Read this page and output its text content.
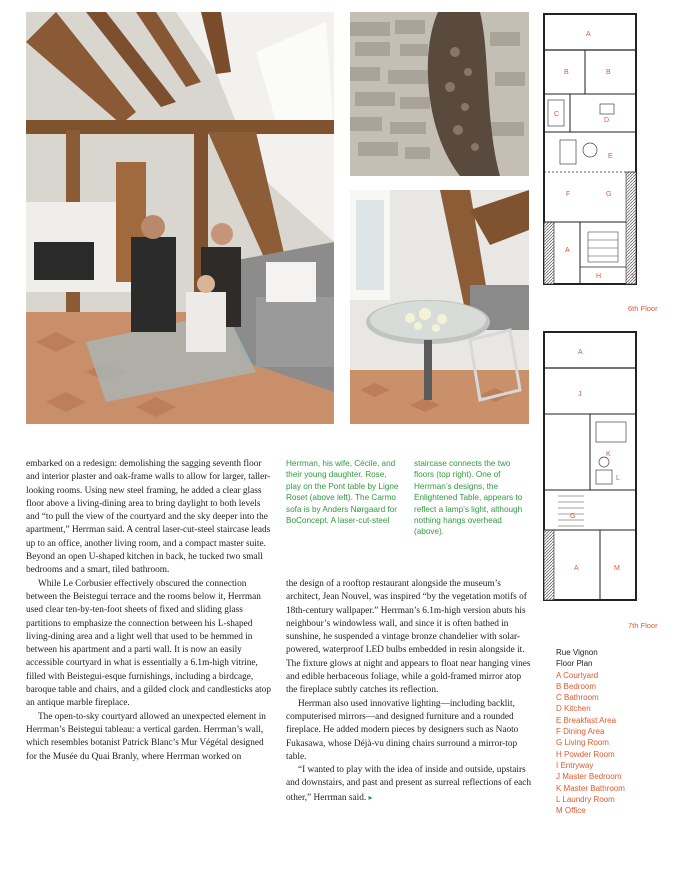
embarked on a redesign: demolishing the sagging seventh floor and interior plaster and oak-frame walls to allow for larger, taller-looking rooms. Using new steel framing, he added a clear glass floor above a living-dining area to bring daylight to both levels and “to pull the view of the courtyard and the sky deeper into the apartment,” Herrman said. A central laser-cut-steel staircase leads up to an office, another living room, and a compact master suite. Beyond an open U-shaped kitchen in back, he tucked two small bedrooms and a smart, tiled bathroom.

While Le Corbusier effectively obscured the connection between the Beistegui terrace and the rooms below it, Herrman used clear ten-by-ten-foot sheets of fixed and sliding glass partitions to emphasize the connection between his L-shaped living-dining area and a light well that used to be hemmed in between his apartment and a parti wall. It is now an easily accessible courtyard in what is essentially a 6.1m-high vitrine, filled with Beistegui-esque furnishings, including a birdcage, baroque table and chairs, and a gilded clock and candlesticks atop an antique marble fireplace.

The open-to-sky courtyard allowed an unexpected element in Herrman’s Beistegui tableau: a vertical garden. Herrman’s wall, which resembles botanist Patrick Blanc’s Mur Végétal designed for the Musée du Quai Branly, where Herrman worked on

the design of a rooftop restaurant alongside the museum’s architect, Jean Nouvel, was inspired “by the vegetation motifs of 18th-century wallpaper.” Herrman’s 6.1m-high version abuts his neighbour’s windowless wall, and since it is often bathed in sunshine, he suspended a vintage bronze chandelier with solar-powered, waterproof LED bulbs embedded in resin alongside it. The fixture glows at night and appears to float near hanging vines and edible herbaceous foliage, while a gold-framed mirror atop the fireplace subtly catches its reflection.

Herrman also used innovative lighting—including backlit, computerised mirrors—and designed furniture and a rounded fireplace. He added modern pieces by designers such as Naoto Fukasawa, whose Déjà-vu dining chairs surround a mirror-top table.

“I wanted to play with the idea of inside and outside, upstairs and downstairs, and past and present as surreal reflections of each other,” Herrman said. ▸

Herrman, his wife, Cécile, and their young daughter, Rose, play on the Pont table by Ligne Roset (above left). The Carmo sofa is by Anders Nørgaard for BoConcept. A laser-cut-steel
staircase connects the two floors (top right). One of Herrman’s designs, the Enlightened Table, appears to reflect a lamp’s light, although nothing hangs overhead (above).
A
B	B
C
D
E
F	G
A
H	I
6th Floor
A
J
K
L
G
A	M
7th Floor
Rue Vignon
Floor Plan
A Courtyard
B Bedroom
C Bathroom
D Kitchen
E Breakfast Area
F Dining Area
G Living Room
H Powder Room
I Entryway
J Master Bedroom
K Master Bathroom
L Laundry Room
M Office
